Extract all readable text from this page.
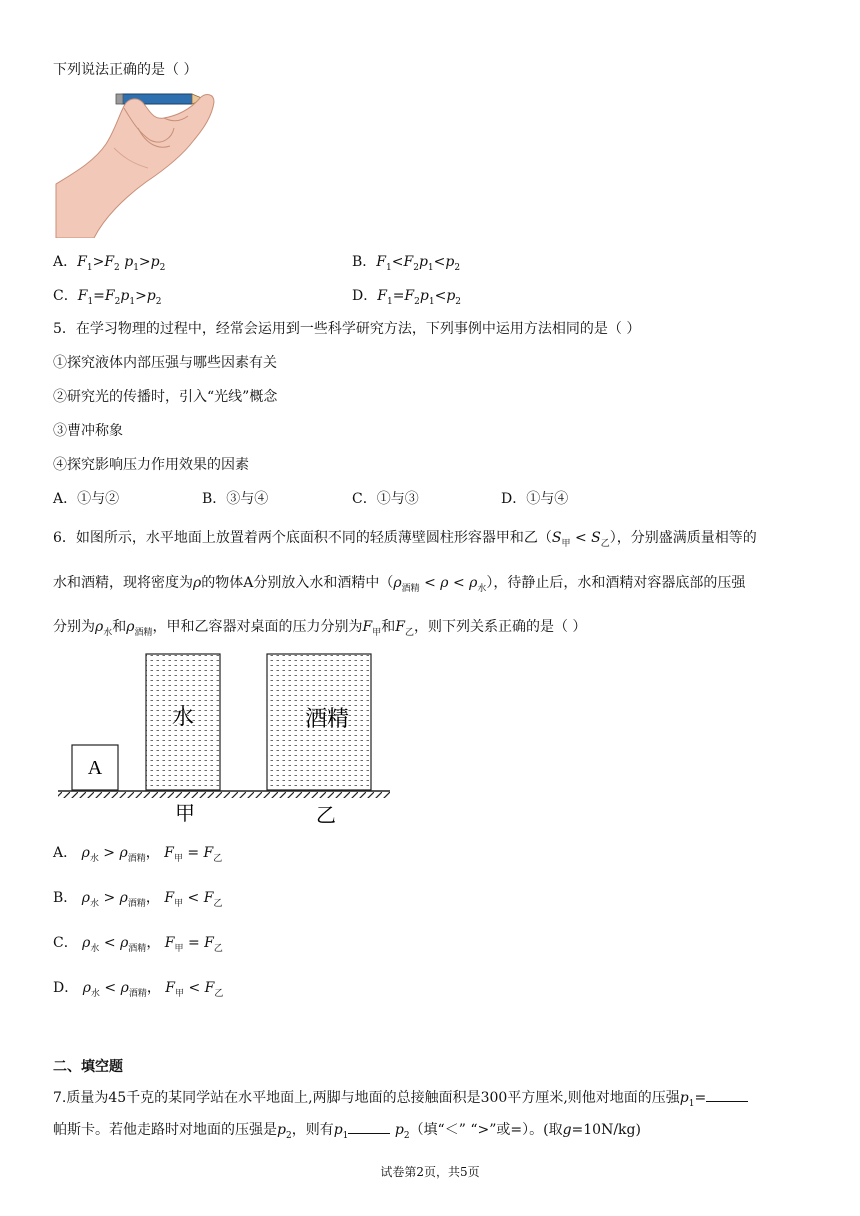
下列说法正确的是（ ）
A．$F_1>F_2$ $p_1>p_2$	B．$F_1<F_2p_1<p_2$
C．$F_1=F_2p_1>p_2$	D．$F_1=F_2p_1<p_2$
5．在学习物理的过程中，经常会运用到一些科学研究方法，下列事例中运用方法相同的是（ ）
①探究液体内部压强与哪些因素有关
②研究光的传播时，引入“光线”概念
③曹冲称象
④探究影响压力作用效果的因素
A．①与②	B．③与④	C．①与③	D．①与④
6．如图所示，水平地面上放置着两个底面积不同的轻质薄壁圆柱形容器甲和乙$(S_甲 < S_乙)$，分别盛满质量相等的
水和酒精，现将密度为ρ的物体A分别放入水和酒精中$(\rho_{酒精} < \rho < \rho_水)$，待静止后，水和酒精对容器底部的压强
分别为$\rho_水$和$\rho_{酒精}$，甲和乙容器对桌面的压力分别为$F_甲$和$F_乙$，则下列关系正确的是（ ）
A
水	酒精
甲	乙
A． $\rho_水 > \rho_{酒精}$， $F_甲 = F_乙$
B． $\rho_水 > \rho_{酒精}$， $F_甲 < F_乙$
C． $\rho_水 < \rho_{酒精}$， $F_甲 = F_乙$
D． $\rho_水 < \rho_{酒精}$， $F_甲 < F_乙$
二、填空题
7.质量为45千克的某同学站在水平地面上,两脚与地面的总接触面积是300平方厘米,则他对地面的压强$p_1=$
帕斯卡。若他走路时对地面的压强是$p_2$，则有$p_1$	$p_2$（填“＜” “>”或=）。(取g=10N/kg)
试卷第2页，共5页
